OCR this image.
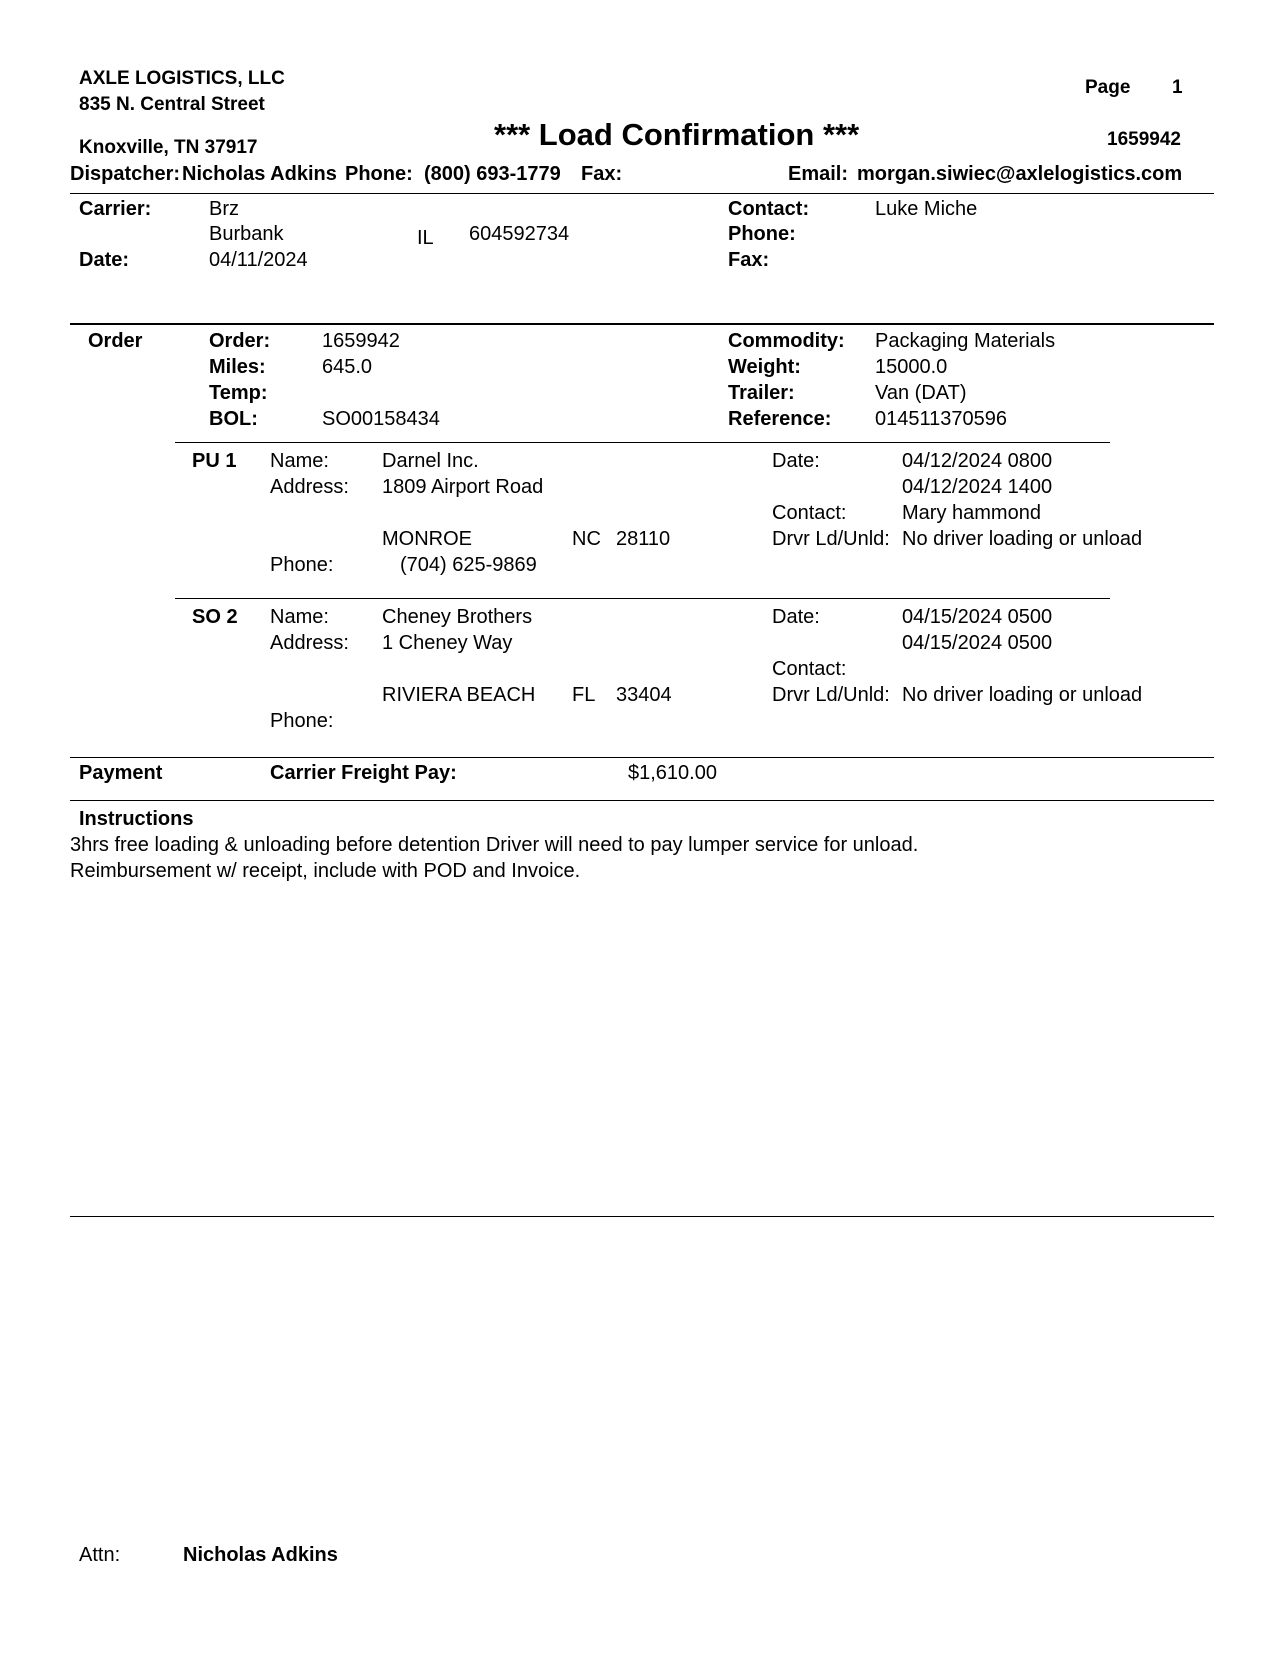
AXLE LOGISTICS, LLC
835 N. Central Street
Knoxville, TN 37917
Page 1
*** Load Confirmation ***	1659942
Dispatcher: Nicholas Adkins Phone: (800) 693-1779 Fax:	Email: morgan.siwiec@axlelogistics.com
Carrier:	Brz
Burbank	IL 604592734
Date:	04/11/2024
Contact:	Luke Miche
Phone:
Fax:
Order	Order:	1659942
Miles:	645.0
Temp:
BOL:	SO00158434
Commodity: Packaging Materials
Weight:	15000.0
Trailer:	Van (DAT)
Reference: 014511370596
PU 1 Name:	Darnel Inc.
Address: 1809 Airport Road
MONROE	NC 28110
Phone:	(704) 625-9869
Date:	04/12/2024 0800
04/12/2024 1400
Contact:	Mary hammond
Drvr Ld/Unld: No driver loading or unload
SO 2 Name:	Cheney Brothers
Address: 1 Cheney Way
RIVIERA BEACH FL 33404
Phone:
Date:	04/15/2024 0500
04/15/2024 0500
Contact:
Drvr Ld/Unld: No driver loading or unload
Payment	Carrier Freight Pay:	$1,610.00
Instructions
3hrs free loading & unloading before detention Driver will need to pay lumper service for unload.
Reimbursement w/ receipt, include with POD and Invoice.
Attn:	Nicholas Adkins
